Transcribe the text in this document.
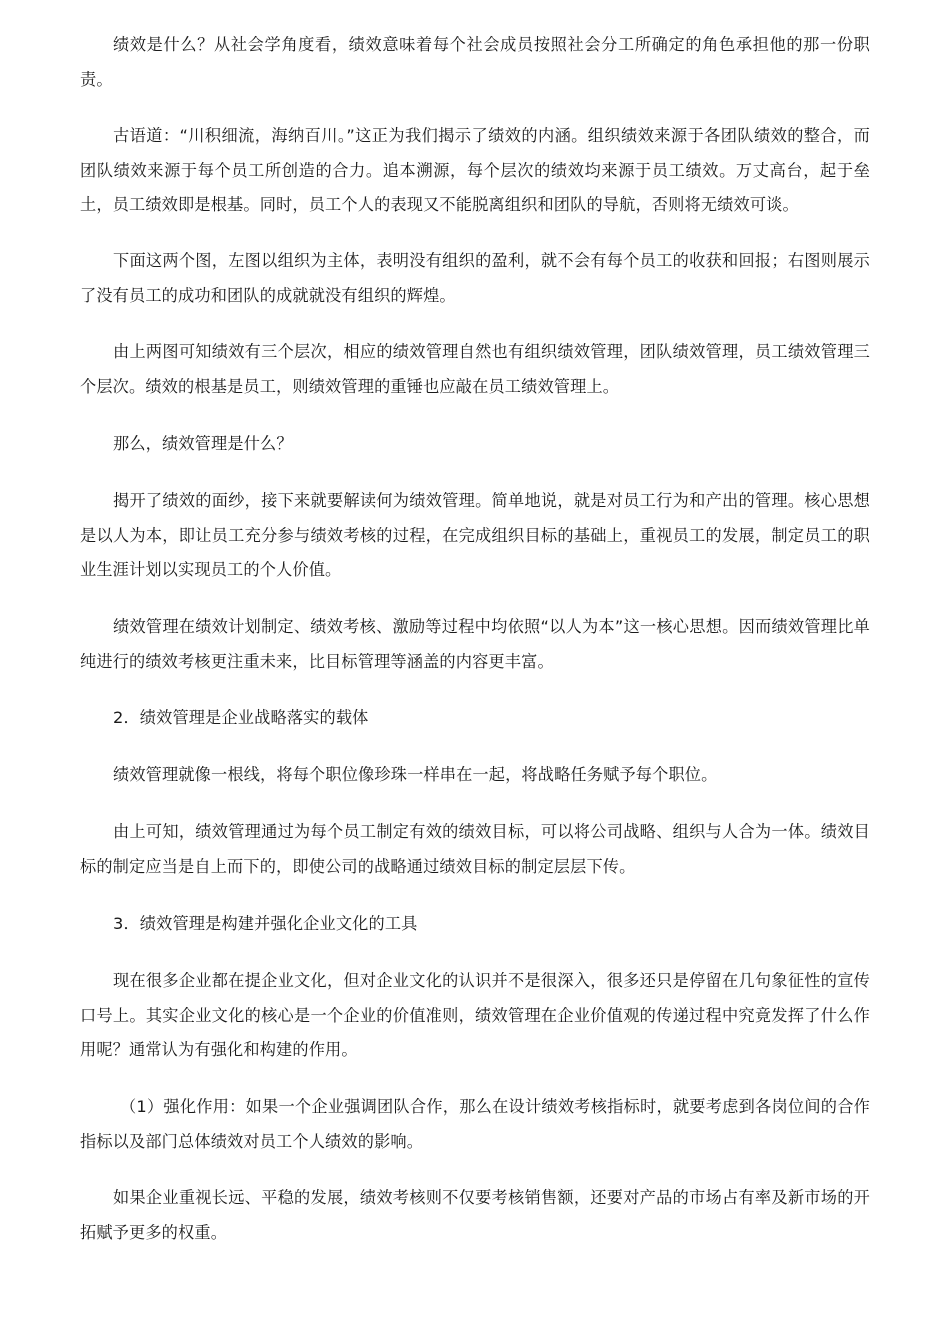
绩效是什么？从社会学角度看，绩效意味着每个社会成员按照社会分工所确定的角色承担他的那一份职责。

古语道：“川积细流，海纳百川。”这正为我们揭示了绩效的内涵。组织绩效来源于各团队绩效的整合，而团队绩效来源于每个员工所创造的合力。追本溯源，每个层次的绩效均来源于员工绩效。万丈高台，起于垒土，员工绩效即是根基。同时，员工个人的表现又不能脱离组织和团队的导航，否则将无绩效可谈。

下面这两个图，左图以组织为主体，表明没有组织的盈利，就不会有每个员工的收获和回报；右图则展示了没有员工的成功和团队的成就就没有组织的辉煌。

由上两图可知绩效有三个层次，相应的绩效管理自然也有组织绩效管理，团队绩效管理，员工绩效管理三个层次。绩效的根基是员工，则绩效管理的重锤也应敲在员工绩效管理上。

那么，绩效管理是什么？

揭开了绩效的面纱，接下来就要解读何为绩效管理。简单地说，就是对员工行为和产出的管理。核心思想是以人为本，即让员工充分参与绩效考核的过程，在完成组织目标的基础上，重视员工的发展，制定员工的职业生涯计划以实现员工的个人价值。

绩效管理在绩效计划制定、绩效考核、激励等过程中均依照“以人为本”这一核心思想。因而绩效管理比单纯进行的绩效考核更注重未来，比目标管理等涵盖的内容更丰富。

2．绩效管理是企业战略落实的载体

绩效管理就像一根线，将每个职位像珍珠一样串在一起，将战略任务赋予每个职位。

由上可知，绩效管理通过为每个员工制定有效的绩效目标，可以将公司战略、组织与人合为一体。绩效目标的制定应当是自上而下的，即使公司的战略通过绩效目标的制定层层下传。

3．绩效管理是构建并强化企业文化的工具

现在很多企业都在提企业文化，但对企业文化的认识并不是很深入，很多还只是停留在几句象征性的宣传口号上。其实企业文化的核心是一个企业的价值准则，绩效管理在企业价值观的传递过程中究竟发挥了什么作用呢？通常认为有强化和构建的作用。

（1）强化作用：如果一个企业强调团队合作，那么在设计绩效考核指标时，就要考虑到各岗位间的合作指标以及部门总体绩效对员工个人绩效的影响。

如果企业重视长远、平稳的发展，绩效考核则不仅要考核销售额，还要对产品的市场占有率及新市场的开拓赋予更多的权重。
